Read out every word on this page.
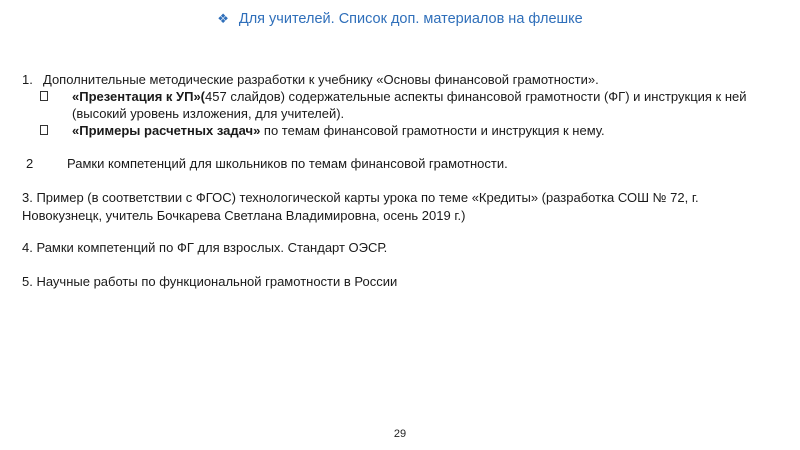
❖ Для учителей. Список доп. материалов на флешке
1. Дополнительные методические разработки к учебнику «Основы финансовой грамотности».
«Презентация к УП»(457 слайдов) содержательные аспекты финансовой грамотности (ФГ) и инструкция к ней (высокий уровень изложения, для учителей).
«Примеры расчетных задач» по темам финансовой грамотности и инструкция к нему.
2	Рамки компетенций для школьников по темам финансовой грамотности.
3. Пример (в соответствии с ФГОС) технологической карты урока по теме «Кредиты» (разработка СОШ № 72, г.
Новокузнецк, учитель Бочкарева Светлана Владимировна, осень 2019 г.)
4. Рамки компетенций по ФГ для взрослых. Стандарт ОЭСР.
5. Научные работы по функциональной грамотности в России
29
